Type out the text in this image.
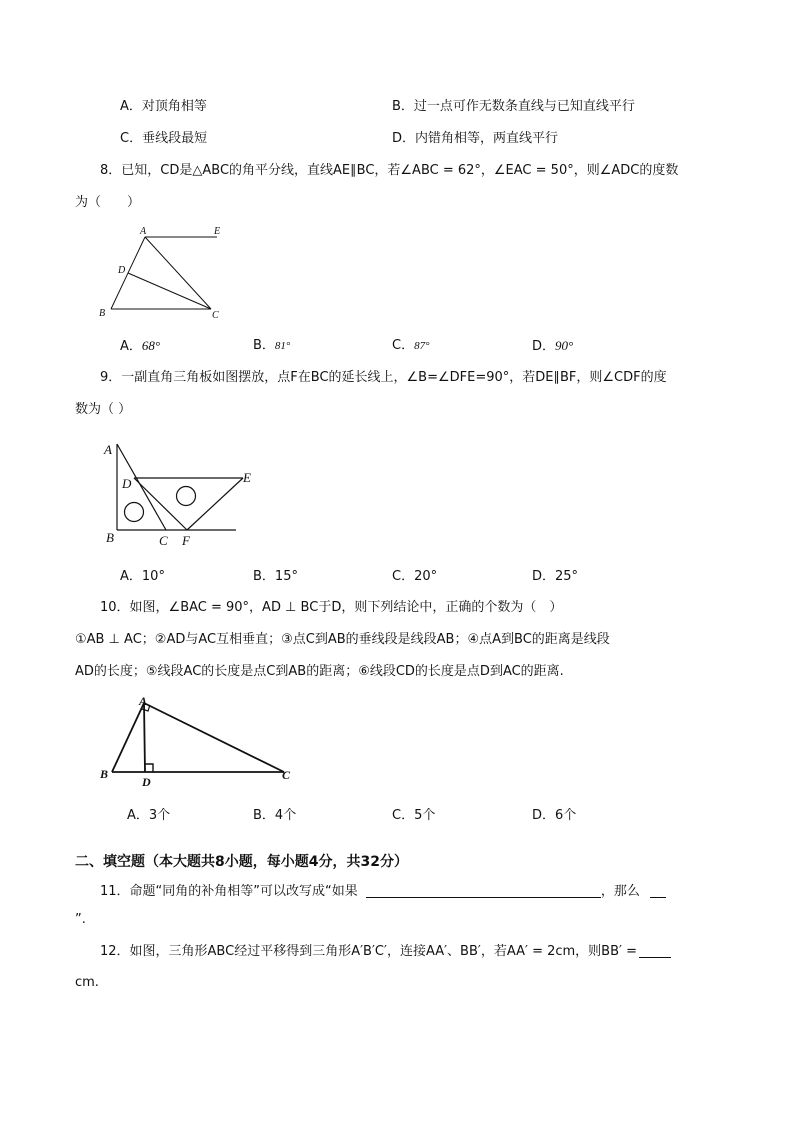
A．对顶角相等	B．过一点可作无数条直线与已知直线平行
C．垂线段最短	D．内错角相等，两直线平行
8．已知，CD是△ABC的角平分线，直线AE∥BC，若∠ABC = 62°，∠EAC = 50°，则∠ADC的度数
为（　　）
A	E
D
B	C
A．68°	B．81°	C．87°	D．90°
9．一副直角三角板如图摆放，点F在BC的延长线上，∠B=∠DFE=90°，若DE∥BF，则∠CDF的度
数为（ ）
A
D	E
B	C F
A．10°	B．15°	C．20°	D．25°
10．如图，∠BAC = 90°，AD ⊥ BC于D，则下列结论中，正确的个数为（　）
①AB ⊥ AC；②AD与AC互相垂直；③点C到AB的垂线段是线段AB；④点A到BC的距离是线段
AD的长度；⑤线段AC的长度是点C到AB的距离；⑥线段CD的长度是点D到AC的距离.
A
B
D	C
A．3个	B．4个	C．5个	D．6个
二、填空题（本大题共8小题，每小题4分，共32分）
11．命题“同角的补角相等”可以改写成“如果	，那么
”.
12．如图，三角形ABC经过平移得到三角形A′B′C′，连接AA′、BB′，若AA′ = 2cm，则BB′ =
cm.
